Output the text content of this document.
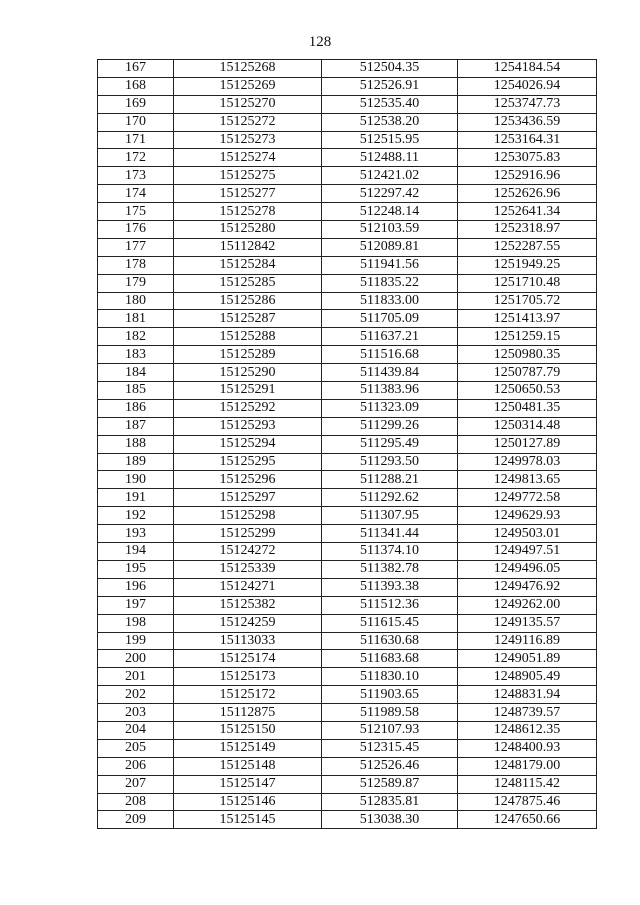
128
167	15125268	512504.35	1254184.54
168	15125269	512526.91	1254026.94
169	15125270	512535.40	1253747.73
170	15125272	512538.20	1253436.59
171	15125273	512515.95	1253164.31
172	15125274	512488.11	1253075.83
173	15125275	512421.02	1252916.96
174	15125277	512297.42	1252626.96
175	15125278	512248.14	1252641.34
176	15125280	512103.59	1252318.97
177	15112842	512089.81	1252287.55
178	15125284	511941.56	1251949.25
179	15125285	511835.22	1251710.48
180	15125286	511833.00	1251705.72
181	15125287	511705.09	1251413.97
182	15125288	511637.21	1251259.15
183	15125289	511516.68	1250980.35
184	15125290	511439.84	1250787.79
185	15125291	511383.96	1250650.53
186	15125292	511323.09	1250481.35
187	15125293	511299.26	1250314.48
188	15125294	511295.49	1250127.89
189	15125295	511293.50	1249978.03
190	15125296	511288.21	1249813.65
191	15125297	511292.62	1249772.58
192	15125298	511307.95	1249629.93
193	15125299	511341.44	1249503.01
194	15124272	511374.10	1249497.51
195	15125339	511382.78	1249496.05
196	15124271	511393.38	1249476.92
197	15125382	511512.36	1249262.00
198	15124259	511615.45	1249135.57
199	15113033	511630.68	1249116.89
200	15125174	511683.68	1249051.89
201	15125173	511830.10	1248905.49
202	15125172	511903.65	1248831.94
203	15112875	511989.58	1248739.57
204	15125150	512107.93	1248612.35
205	15125149	512315.45	1248400.93
206	15125148	512526.46	1248179.00
207	15125147	512589.87	1248115.42
208	15125146	512835.81	1247875.46
209	15125145	513038.30	1247650.66
